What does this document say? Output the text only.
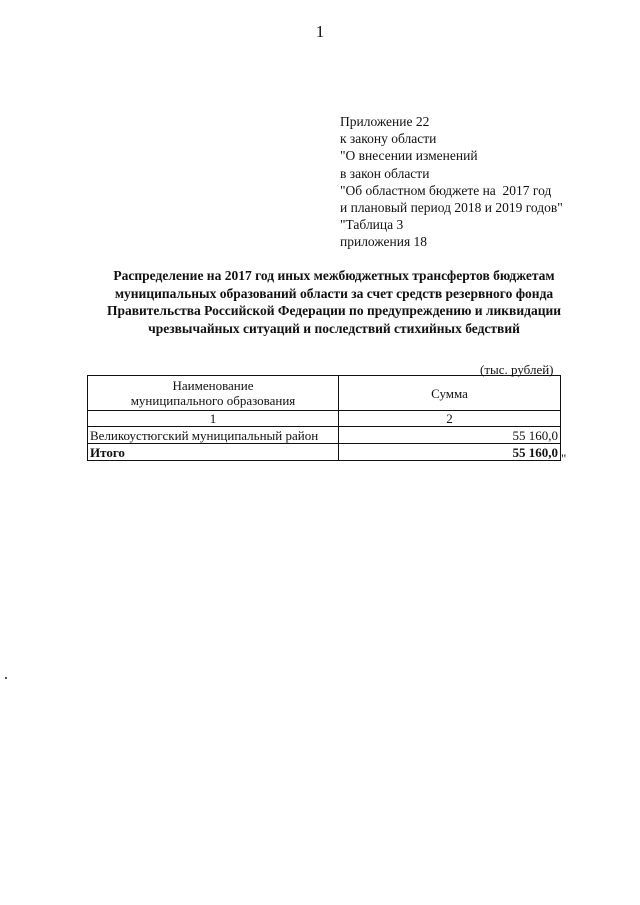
1
Приложение 22
к закону области
"О внесении изменений
в закон области
"Об областном бюджете на  2017 год
и плановый период 2018 и 2019 годов"
"Таблица 3
приложения 18
Распределение на 2017 год иных межбюджетных трансфертов бюджетам
муниципальных образований области за счет средств резервного фонда
Правительства Российской Федерации по предупреждению и ликвидации
чрезвычайных ситуаций и последствий стихийных бедствий
(тыс. рублей)
Наименование
муниципального образования	Сумма
1	2
Великоустюгский муниципальный район	55 160,0
Итого	55 160,0 "
